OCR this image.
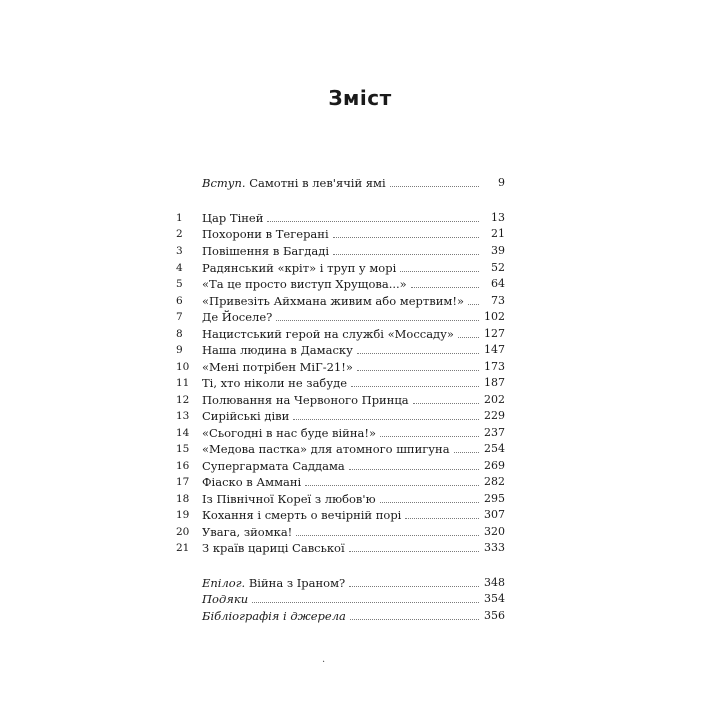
Зміст
Вступ. Самотні в лев'ячій ямі	9
1	Цар Тіней	13
2	Похорони в Тегерані	21
3	Повішення в Багдаді	39
4	Радянський «кріт» і труп у морі	52
5	«Та це просто виступ Хрущова...»	64
6	«Привезіть Айхмана живим або мертвим!»	73
7	Де Йоселе?	102
8	Нацистський герой на службі «Моссаду»	127
9	Наша людина в Дамаску	147
10	«Мені потрібен МіГ-21!»	173
11	Ті, хто ніколи не забуде	187
12	Полювання на Червоного Принца	202
13	Сирійські діви	229
14	«Сьогодні в нас буде війна!»	237
15	«Медова пастка» для атомного шпигуна	254
16	Супергармата Саддама	269
17	Фіаско в Аммані	282
18	Із Північної Кореї з любов'ю	295
19	Кохання і смерть о вечірній порі	307
20	Увага, зйомка!	320
21	З країв цариці Савської	333
Епілог. Війна з Іраном?	348
Подяки	354
Бібліографія і джерела	356
·
